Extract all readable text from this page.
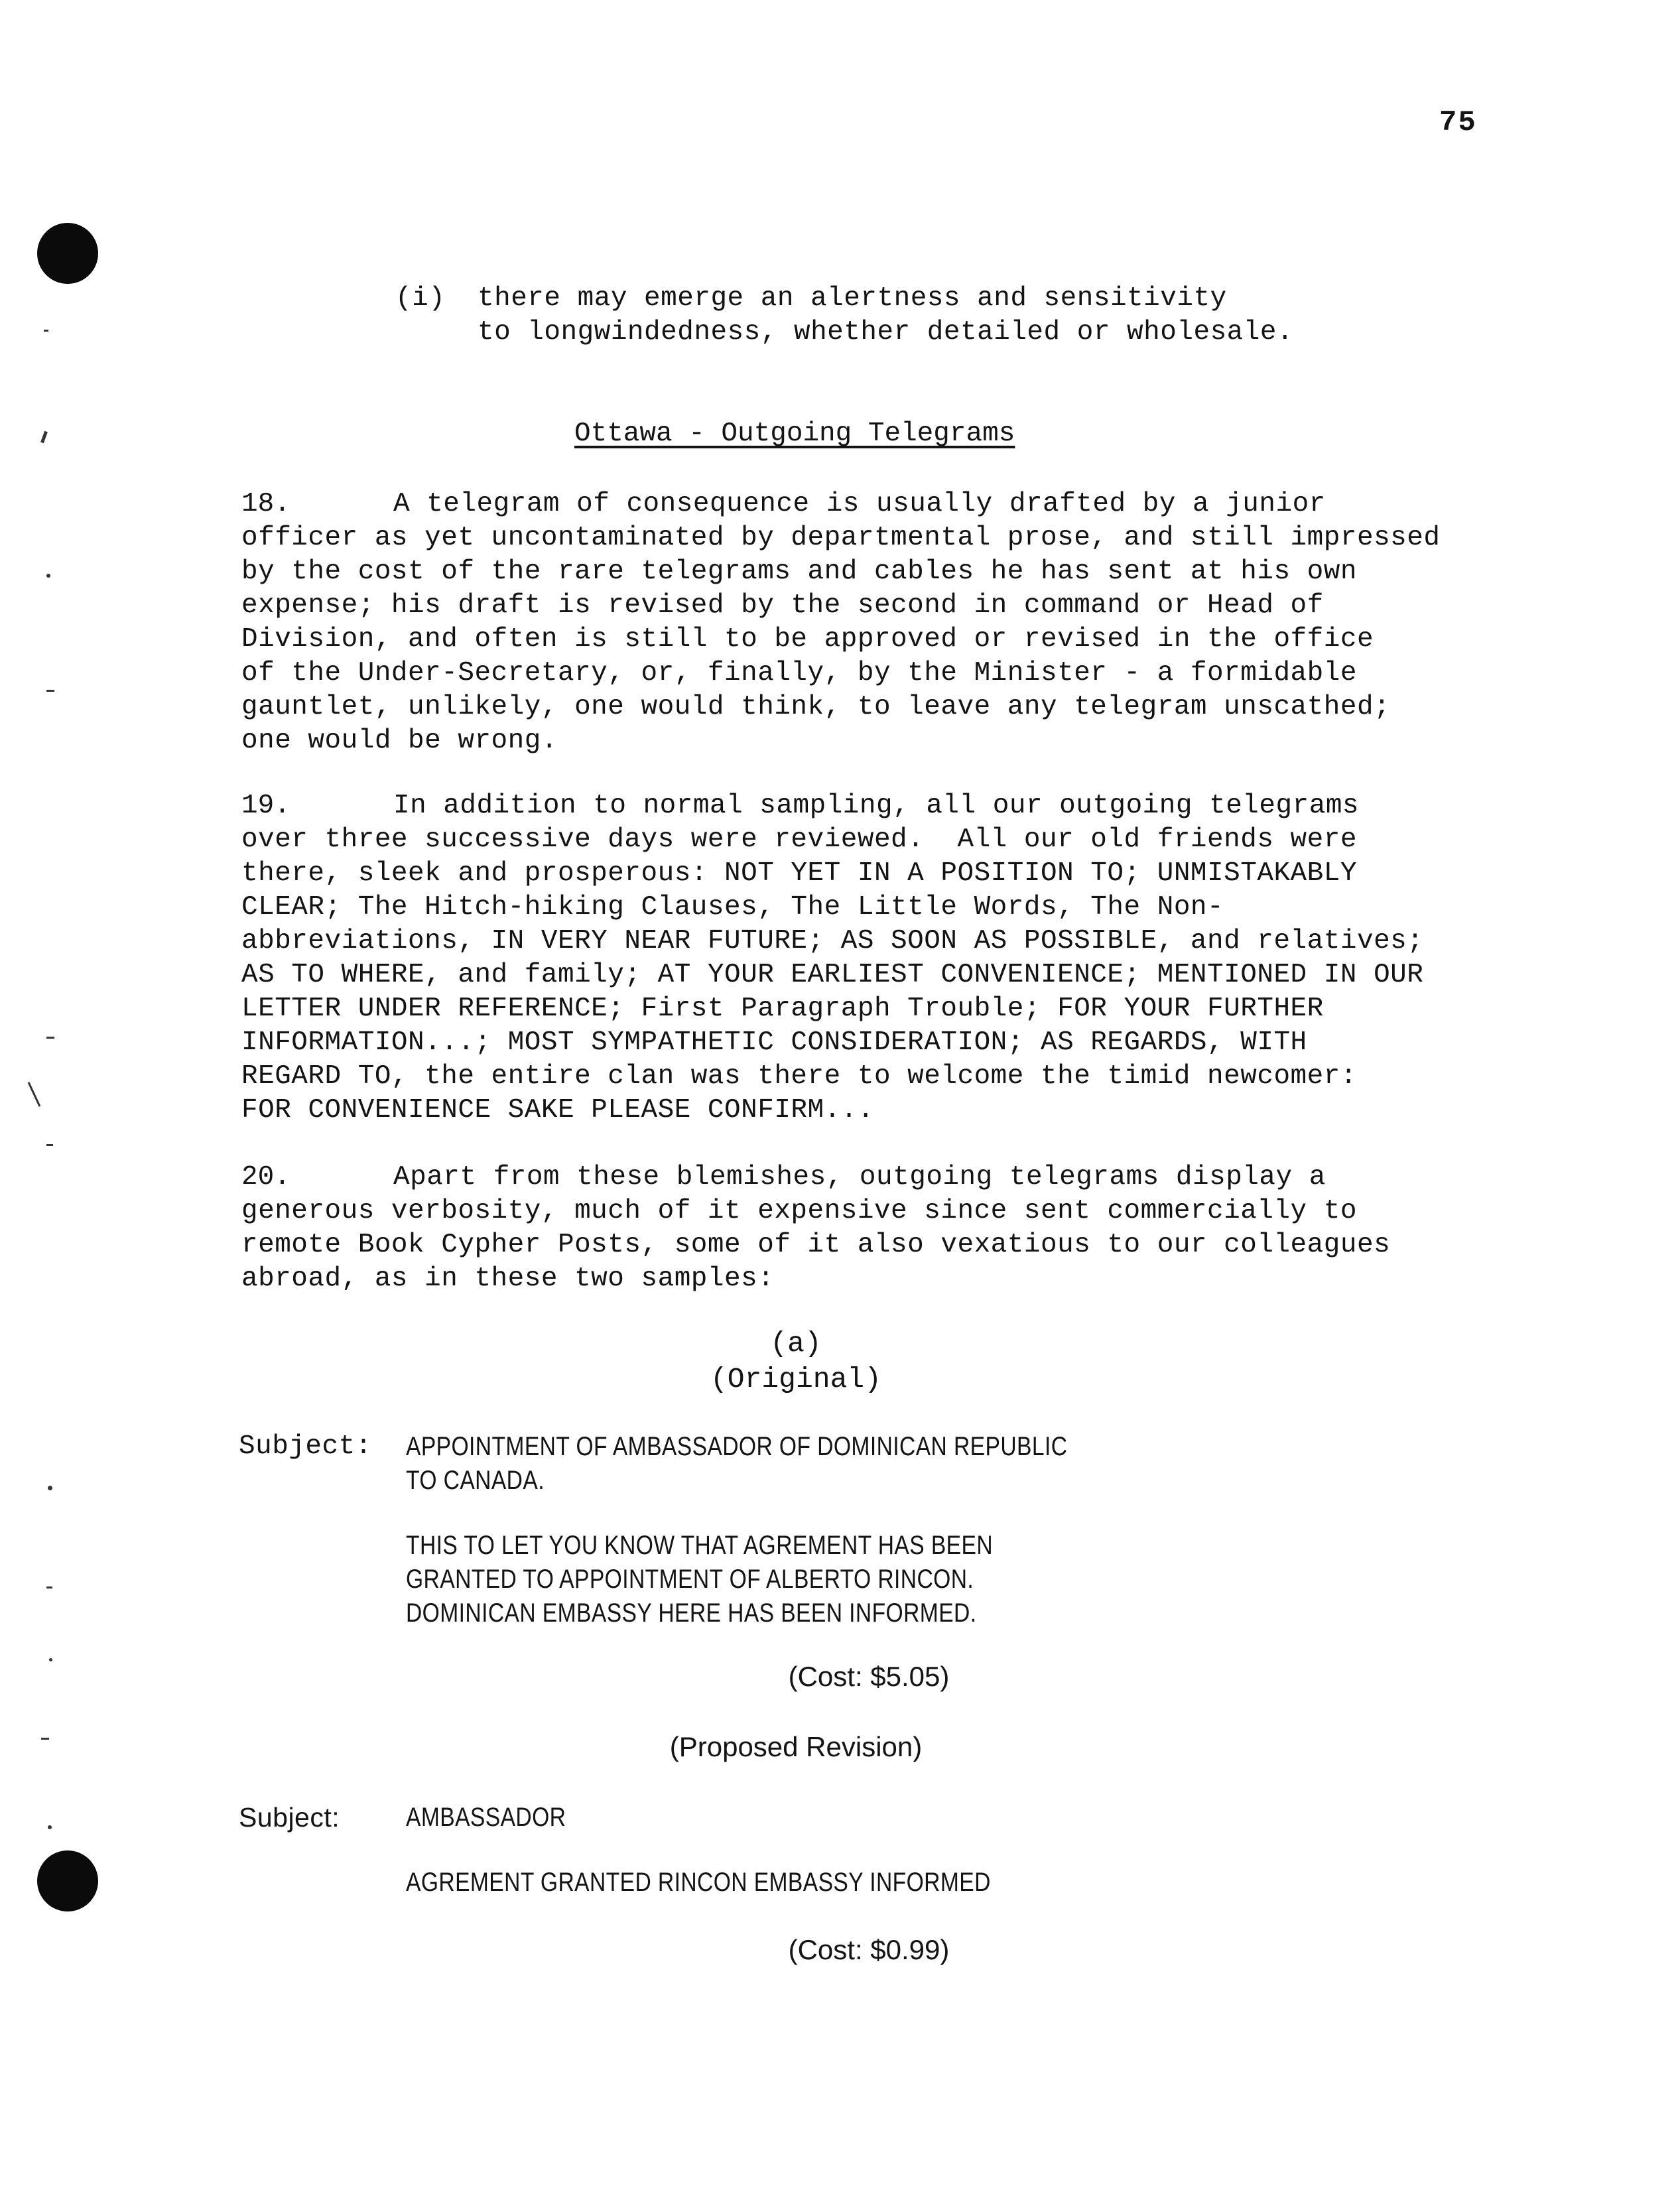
75
(i) there may emerge an alertness and sensitivity
to longwindedness, whether detailed or wholesale.
Ottawa - Outgoing Telegrams
18.	A telegram of consequence is usually drafted by a junior
officer as yet uncontaminated by departmental prose, and still impressed
by the cost of the rare telegrams and cables he has sent at his own
expense; his draft is revised by the second in command or Head of
Division, and often is still to be approved or revised in the office
of the Under-Secretary, or, finally, by the Minister - a formidable
gauntlet, unlikely, one would think, to leave any telegram unscathed;
one would be wrong.
19.	In addition to normal sampling, all our outgoing telegrams
over three successive days were reviewed.  All our old friends were
there, sleek and prosperous: NOT YET IN A POSITION TO; UNMISTAKABLY
CLEAR; The Hitch-hiking Clauses, The Little Words, The Non-
abbreviations, IN VERY NEAR FUTURE; AS SOON AS POSSIBLE, and relatives;
AS TO WHERE, and family; AT YOUR EARLIEST CONVENIENCE; MENTIONED IN OUR
LETTER UNDER REFERENCE; First Paragraph Trouble; FOR YOUR FURTHER
INFORMATION...; MOST SYMPATHETIC CONSIDERATION; AS REGARDS, WITH
REGARD TO, the entire clan was there to welcome the timid newcomer:
FOR CONVENIENCE SAKE PLEASE CONFIRM...
20.	Apart from these blemishes, outgoing telegrams display a
generous verbosity, much of it expensive since sent commercially to
remote Book Cypher Posts, some of it also vexatious to our colleagues
abroad, as in these two samples:
(a)
(Original)
Subject: APPOINTMENT OF AMBASSADOR OF DOMINICAN REPUBLIC
TO CANADA.
THIS TO LET YOU KNOW THAT AGREMENT HAS BEEN
GRANTED TO APPOINTMENT OF ALBERTO RINCON.
DOMINICAN EMBASSY HERE HAS BEEN INFORMED.
(Cost: $5.05)
(Proposed Revision)
Subject: AMBASSADOR
AGREMENT GRANTED RINCON EMBASSY INFORMED
(Cost: $0.99)
